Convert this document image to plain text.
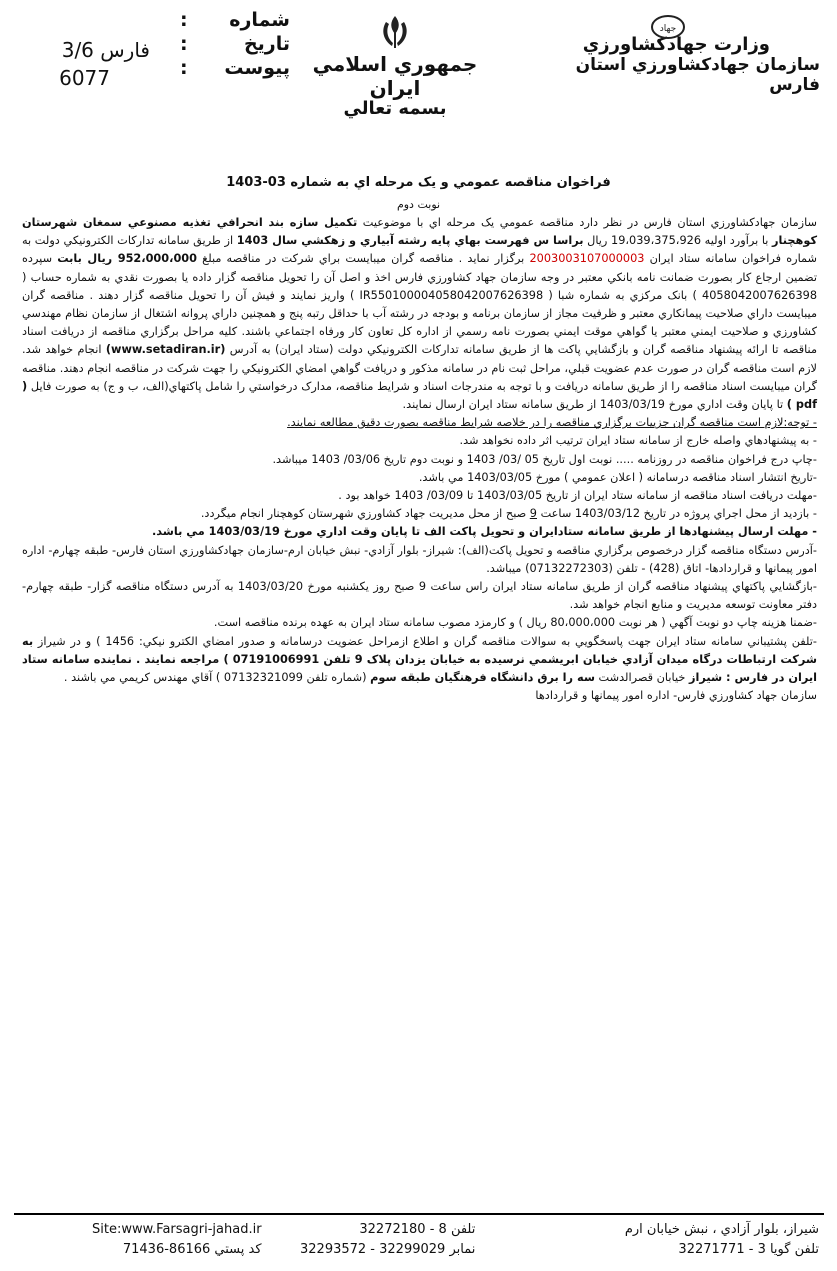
فارس 3/6
6077
شماره
:
تاريخ
:
پيوست
:	جمهوري اسلامي ايران
بسمه تعالي
جهاد
وزارت جهادکشاورزي
سازمان جهادکشاورزي استان فارس
فراخوان مناقصه عمومي و يک مرحله اي به شماره 03-1403
نوبت دوم

سازمان جهادکشاورزي استان فارس در نظر دارد مناقصه عمومي يک مرحله اي با موضوعيت تکميل سازه بند انحرافي تغذيه مصنوعي سمغان شهرستان کوهچنار با برآورد اوليه 19،039،375،926 ريال براسا س فهرست بهاي پايه رشته آبياري و زهکشي سال 1403 از طريق سامانه تدارکات الکترونيکي دولت به شماره فراخوان سامانه ستاد ايران 2003003107000003 برگزار نمايد . مناقصه گران ميبايست براي شرکت در مناقصه مبلغ 952،000،000 ريال بابت سپرده تضمين ارجاع کار بصورت ضمانت نامه بانکي معتبر در وجه سازمان جهاد کشاورزي فارس اخذ و اصل آن را تحويل مناقصه گزار داده يا بصورت نقدي به شماره حساب ( 4058042007626398 ) بانک مرکزي به شماره شبا ( IR550100004058042007626398 ) واريز نمايند و فيش آن را تحويل مناقصه گزار دهند . مناقصه گران ميبايست داراي صلاحيت پيمانکاري معتبر و ظرفيت مجاز از سازمان برنامه و بودجه در رشته آب با حداقل رتبه پنج و همچنين داراي پروانه اشتغال از سازمان نظام مهندسي کشاورزي و صلاحيت ايمني معتبر يا گواهي موقت ايمني بصورت نامه رسمي از اداره کل تعاون کار ورفاه اجتماعي باشند. کليه مراحل برگزاري مناقصه از دريافت اسناد مناقصه تا ارائه پيشنهاد مناقصه گران و بازگشايي پاکت ها از طريق سامانه تدارکات الکترونيکي دولت (ستاد ايران) به آدرس (www.setadiran.ir) انجام خواهد شد. لازم است مناقصه گران در صورت عدم عضويت قبلي، مراحل ثبت نام در سامانه مذکور و دريافت گواهي امضاي الکترونيکي را جهت شرکت در مناقصه انجام دهند. مناقصه گران ميبايست اسناد مناقصه را از طريق سامانه دريافت و با توجه به مندرجات اسناد و شرايط مناقصه، مدارک درخواستي را شامل پاکتهاي(الف، ب و ج) به صورت فايل ( pdf ) تا پايان وقت اداري مورخ 1403/03/19 از طريق سامانه ستاد ايران ارسال نمايند.

- توجه:لازم است مناقصه گران جزييات برگزاري مناقصه را در خلاصه شرايط مناقصه بصورت دقيق مطالعه نمايند.

- به پيشنهادهاي واصله خارج از سامانه ستاد ايران ترتيب اثر داده نخواهد شد.

-چاپ درج فراخوان مناقصه در روزنامه ..... نوبت اول تاريخ 05 /03/ 1403 و نوبت دوم تاريخ 03/06/ 1403 ميباشد.

-تاريخ انتشار اسناد مناقصه درسامانه ( اعلان عمومي ) مورخ 1403/03/05 مي باشد.

-مهلت دريافت اسناد مناقصه از سامانه ستاد ايران از تاريخ 1403/03/05 تا 03/09/ 1403 خواهد بود .

- بازديد از محل اجراي پروژه در تاريخ 1403/03/12 ساعت 9 صبح از محل مديريت جهاد کشاورزي شهرستان کوهچنار انجام ميگردد.

- مهلت ارسال پيشنهادها از طريق سامانه ستادايران و تحويل پاکت الف تا پايان وقت اداري مورخ 1403/03/19 مي باشد.

-آدرس دستگاه مناقصه گزار درخصوص برگزاري مناقصه و تحويل پاکت(الف): شيراز- بلوار آزادي- نبش خيابان ارم-سازمان جهادکشاورزي استان فارس- طبقه چهارم- اداره امور پيمانها و قراردادها- اتاق (428) - تلفن (07132272303) ميباشد.

-بازگشايي پاکتهاي پيشنهاد مناقصه گران از طريق سامانه ستاد ايران راس ساعت 9 صبح روز يکشنبه مورخ 1403/03/20 به آدرس دستگاه مناقصه گزار- طبقه چهارم- دفتر معاونت توسعه مديريت و منابع انجام خواهد شد.

-ضمنا هزينه چاپ دو نوبت آگهي ( هر نوبت 80،000،000 ريال ) و کارمزد مصوب سامانه ستاد ايران به عهده برنده مناقصه است.

-تلفن پشتيباني سامانه ستاد ايران جهت پاسخگويي به سوالات مناقصه گران و اطلاع ازمراحل عضويت درسامانه و صدور امضاي الکترو نيکي: 1456 ) و در شيراز به شرکت ارتباطات درگاه ميدان آزادي خيابان ابريشمي نرسيده به خيابان يزدان پلاک 9 تلفن 07191006991 ) مراجعه نمايند . نماينده سامانه ستاد ايران در فارس : شيراز خيابان قصرالدشت سه را برق دانشگاه فرهنگيان طبقه سوم (شماره تلفن 07132321099 ) آقاي مهندس کريمي مي باشند .

سازمان جهاد کشاورزي فارس- اداره امور پيمانها و قراردادها

شيراز، بلوار آزادي ، نبش خيابان ارم
تلفن گويا 3 - 32271771
تلفن 8 - 32272180
نمابر 32299029 - 32293572
Site:www.Farsagri-jahad.ir
کد پستي 86166-71436
